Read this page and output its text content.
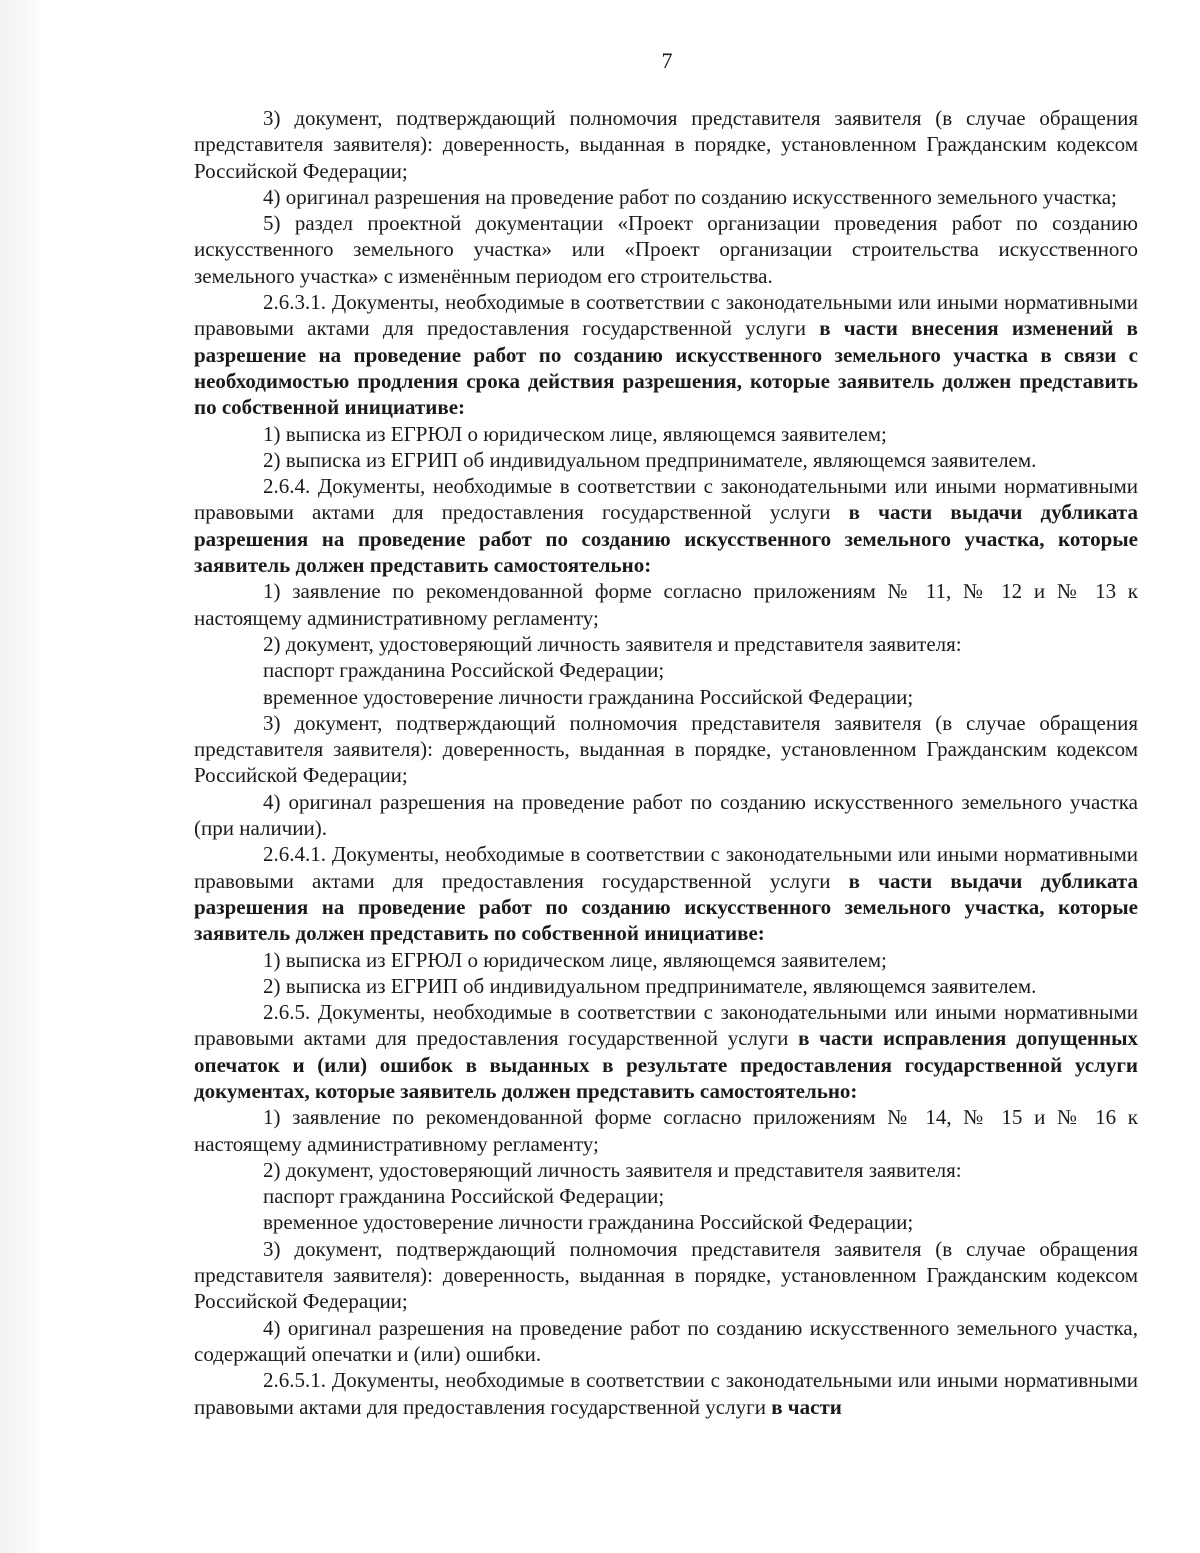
7

3) документ, подтверждающий полномочия представителя заявителя (в случае обращения представителя заявителя): доверенность, выданная в порядке, установленном Гражданским кодексом Российской Федерации;

4) оригинал разрешения на проведение работ по созданию искусственного земельного участка;

5) раздел проектной документации «Проект организации проведения работ по созданию искусственного земельного участка» или «Проект организации строительства искусственного земельного участка» с изменённым периодом его строительства.

2.6.3.1. Документы, необходимые в соответствии с законодательными или иными нормативными правовыми актами для предоставления государственной услуги в части внесения изменений в разрешение на проведение работ по созданию искусственного земельного участка в связи с необходимостью продления срока действия разрешения, которые заявитель должен представить по собственной инициативе:

1) выписка из ЕГРЮЛ о юридическом лице, являющемся заявителем;

2) выписка из ЕГРИП об индивидуальном предпринимателе, являющемся заявителем.

2.6.4. Документы, необходимые в соответствии с законодательными или иными нормативными правовыми актами для предоставления государственной услуги в части выдачи дубликата разрешения на проведение работ по созданию искусственного земельного участка, которые заявитель должен представить самостоятельно:

1) заявление по рекомендованной форме согласно приложениям № 11, № 12 и № 13 к настоящему административному регламенту;

2) документ, удостоверяющий личность заявителя и представителя заявителя:

паспорт гражданина Российской Федерации;

временное удостоверение личности гражданина Российской Федерации;

3) документ, подтверждающий полномочия представителя заявителя (в случае обращения представителя заявителя): доверенность, выданная в порядке, установленном Гражданским кодексом Российской Федерации;

4) оригинал разрешения на проведение работ по созданию искусственного земельного участка (при наличии).

2.6.4.1. Документы, необходимые в соответствии с законодательными или иными нормативными правовыми актами для предоставления государственной услуги в части выдачи дубликата разрешения на проведение работ по созданию искусственного земельного участка, которые заявитель должен представить по собственной инициативе:

1) выписка из ЕГРЮЛ о юридическом лице, являющемся заявителем;

2) выписка из ЕГРИП об индивидуальном предпринимателе, являющемся заявителем.

2.6.5. Документы, необходимые в соответствии с законодательными или иными нормативными правовыми актами для предоставления государственной услуги в части исправления допущенных опечаток и (или) ошибок в выданных в результате предоставления государственной услуги документах, которые заявитель должен представить самостоятельно:

1) заявление по рекомендованной форме согласно приложениям № 14, № 15 и № 16 к настоящему административному регламенту;

2) документ, удостоверяющий личность заявителя и представителя заявителя:

паспорт гражданина Российской Федерации;

временное удостоверение личности гражданина Российской Федерации;

3) документ, подтверждающий полномочия представителя заявителя (в случае обращения представителя заявителя): доверенность, выданная в порядке, установленном Гражданским кодексом Российской Федерации;

4) оригинал разрешения на проведение работ по созданию искусственного земельного участка, содержащий опечатки и (или) ошибки.

2.6.5.1. Документы, необходимые в соответствии с законодательными или иными нормативными правовыми актами для предоставления государственной услуги в части
